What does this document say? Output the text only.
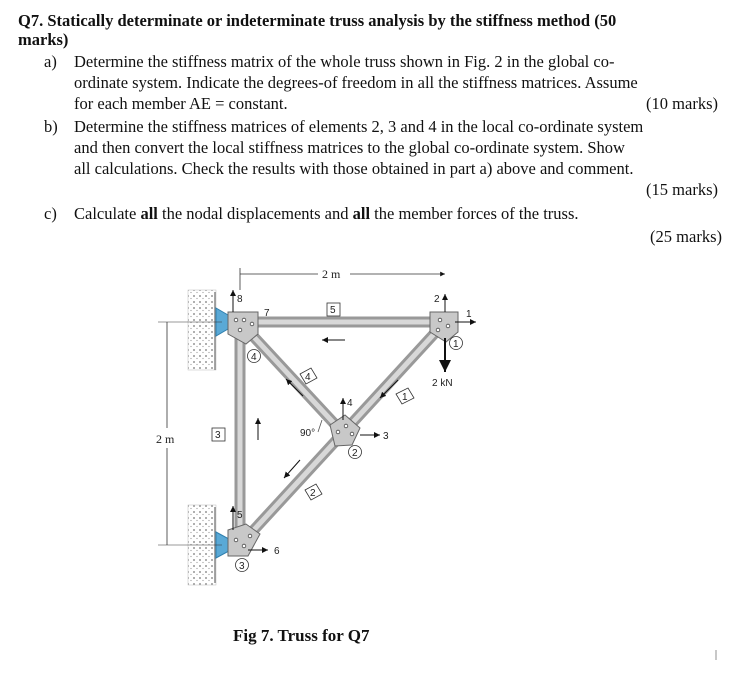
Q7. Statically determinate or indeterminate truss analysis by the stiffness method (50
marks)
a) Determine the stiffness matrix of the whole truss shown in Fig. 2 in the global co-
ordinate system. Indicate the degrees-of freedom in all the stiffness matrices. Assume
for each member AE = constant.	(10 marks)
b) Determine the stiffness matrices of elements 2, 3 and 4 in the local co-ordinate system
and then convert the local stiffness matrices to the global co-ordinate system. Show
all calculations. Check the results with those obtained in part a) above and comment.
(15 marks)
c) Calculate all the nodal displacements and all the member forces of the truss.
(25 marks)
2 m
2 m
8
7
2
1
4
3
5
6
2 kN
5
3
1
2
4
1
2
3
4
90°
Fig 7. Truss for Q7
